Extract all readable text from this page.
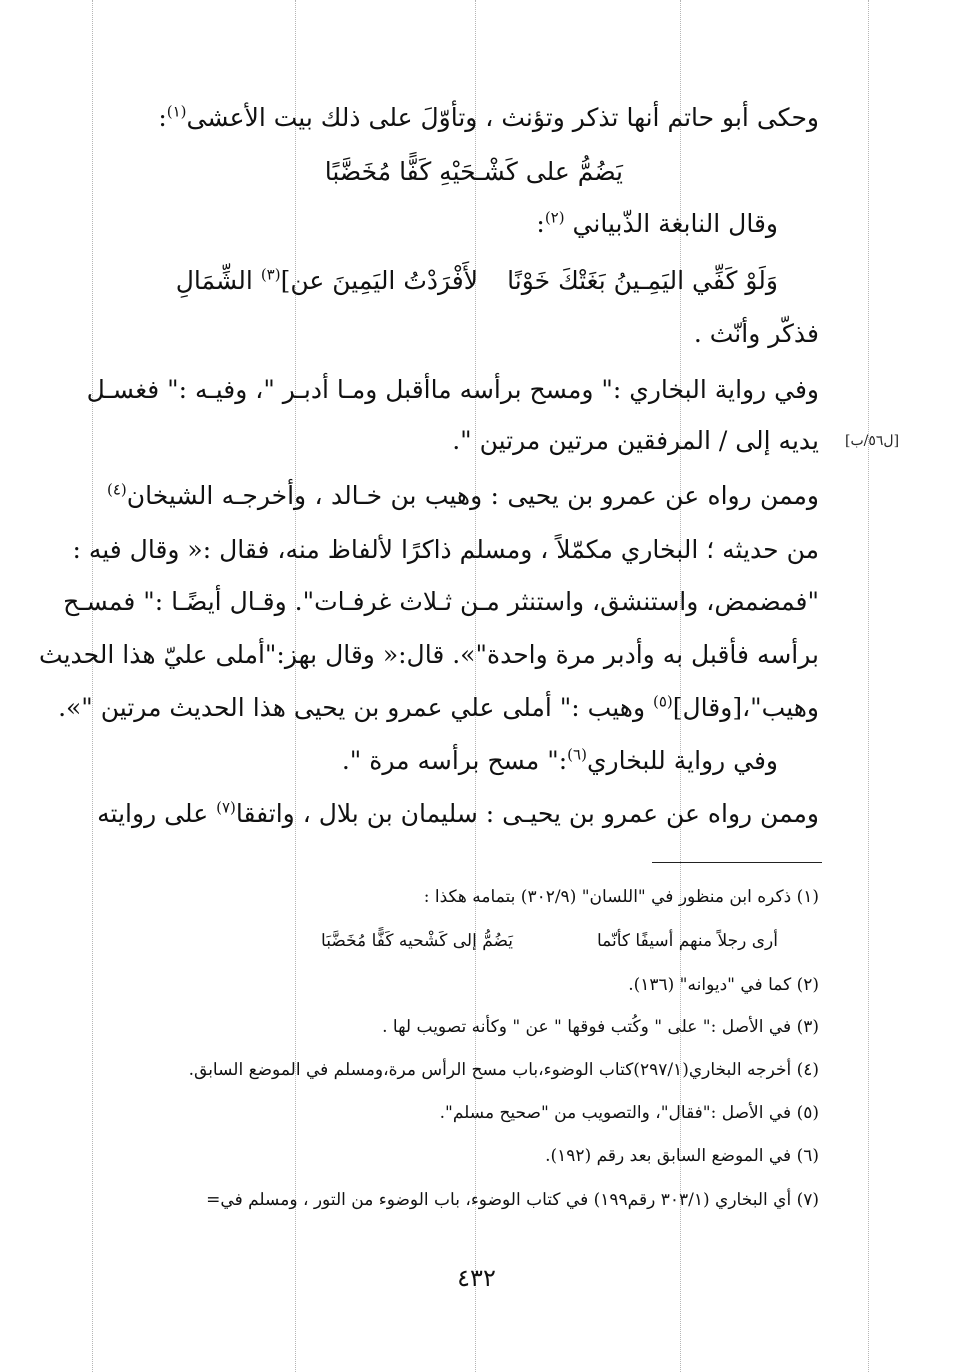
وحكى أبو حاتم أنها تذكر وتؤنث ، وتأوّلَ على ذلك بيت الأعشى$^{(١)}$:
يَضُمُّ على كَشْـحَيْهِ كَفًّا مُخَضَّبًا
وقال النابغة الذّبياني $^{(٢)}$:
وَلَوْ كَفِّي اليَمِـينُ بَغَتْكَ خَوْنًا
لأَفْرَدْتُ اليَمِينَ عن]$^{(٣)}$ الشِّمَالِ
فذكّر وأنّث .
وفي رواية البخاري :" ومسح برأسه ماأقبل ومـا أدبـر "، وفيـه :" فغسـل
يديه إلى / المرفقين مرتين مرتين ". [ل٥٦/ب]
وممن رواه عن عمرو بن يحيى : وهيب بن خـالد ، وأخرجـه الشيخان$^{(٤)}$
من حديثه ؛ البخاري مكمّلاً ، ومسلم ذاكرًا لألفاظ منه، فقال :« وقال فيه :
"فمضمض، واستنشق، واستنثر مـن ثـلاث غرفـات". وقـال أيضًـا :" فمسـح
برأسه فأقبل به وأدبر مرة واحدة"». قال:« وقال بهز:"أملى عليّ هذا الحديث
وهيب"،[وقال]$^{(٥)}$ وهيب :" أملى علي عمرو بن يحيى هذا الحديث مرتين "».
وفي رواية للبخاري$^{(٦)}$:" مسح برأسه مرة ".
وممن رواه عن عمرو بن يحيـى : سليمان بن بلال ، واتفقا$^{(٧)}$ على روايته
(١) ذكره ابن منظور في "اللسان" (٣٠٢/٩) بتمامه هكذا :
أرى رجلاً منهم أسيفًا كأنّما
يَضُمُّ إلى كَشْحيه كَفًّا مُخَضَّبَا
(٢) كما في "ديوانه" (١٣٦).
(٣) في الأصل :" على " وكُتب فوقها " عن " وكأنه تصويب لها .
(٤) أخرجه البخاري(٢٩٧/١)كتاب الوضوء،باب مسح الرأس مرة،ومسلم في الموضع السابق.
(٥) في الأصل :"فقال"، والتصويب من "صحيح مسلم".
(٦) في الموضع السابق بعد رقم (١٩٢).
(٧) أي البخاري (٣٠٣/١ رقم١٩٩) في كتاب الوضوء، باب الوضوء من التور ، ومسلم في=
٤٣٢
